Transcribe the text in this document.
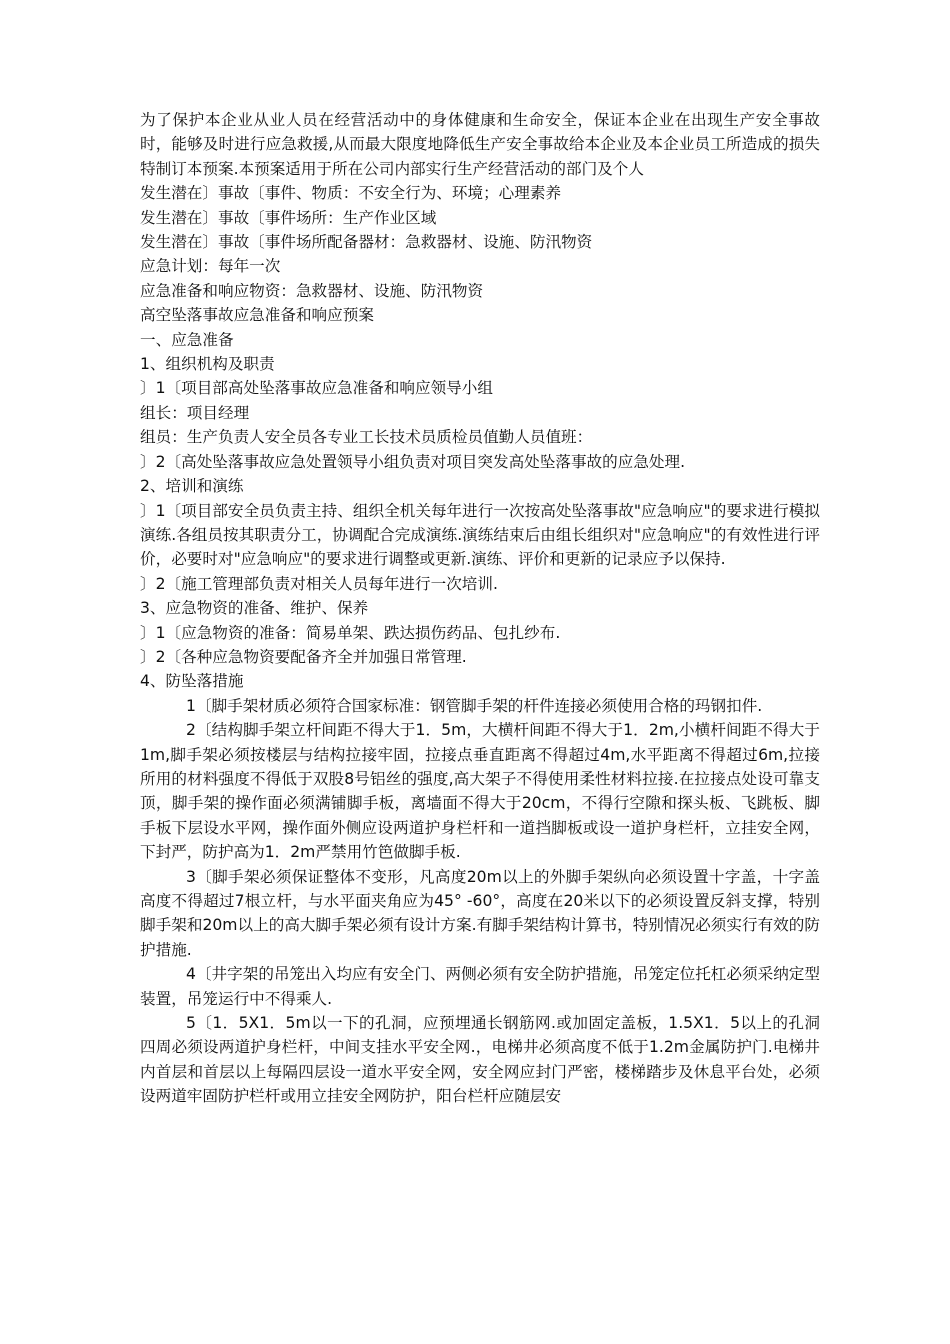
为了保护本企业从业人员在经营活动中的身体健康和生命安全，保证本企业在出现生产安全事故时，能够及时进行应急救援,从而最大限度地降低生产安全事故给本企业及本企业员工所造成的损失特制订本预案.本预案适用于所在公司内部实行生产经营活动的部门及个人

发生潜在〕事故〔事件、物质：不安全行为、环境；心理素养

发生潜在〕事故〔事件场所：生产作业区域

发生潜在〕事故〔事件场所配备器材：急救器材、设施、防汛物资

应急计划：每年一次

应急准备和响应物资：急救器材、设施、防汛物资

高空坠落事故应急准备和响应预案

一、应急准备

1、组织机构及职责

〕1〔项目部高处坠落事故应急准备和响应领导小组

组长：项目经理

组员：生产负责人安全员各专业工长技术员质检员值勤人员值班：

〕2〔高处坠落事故应急处置领导小组负责对项目突发高处坠落事故的应急处理.

2、培训和演练

〕1〔项目部安全员负责主持、组织全机关每年进行一次按高处坠落事故"应急响应"的要求进行模拟演练.各组员按其职责分工，协调配合完成演练.演练结束后由组长组织对"应急响应"的有效性进行评价，必要时对"应急响应"的要求进行调整或更新.演练、评价和更新的记录应予以保持.

〕2〔施工管理部负责对相关人员每年进行一次培训.

3、应急物资的准备、维护、保养

〕1〔应急物资的准备：简易单架、跌达损伤药品、包扎纱布.

〕2〔各种应急物资要配备齐全并加强日常管理.

4、防坠落措施

1〔脚手架材质必须符合国家标准：钢管脚手架的杆件连接必须使用合格的玛钢扣件.

2〔结构脚手架立杆间距不得大于1．5m，大横杆间距不得大于1．2m,小横杆间距不得大于1m,脚手架必须按楼层与结构拉接牢固，拉接点垂直距离不得超过4m,水平距离不得超过6m,拉接所用的材料强度不得低于双股8号铝丝的强度,高大架子不得使用柔性材料拉接.在拉接点处设可靠支顶，脚手架的操作面必须满铺脚手板，离墙面不得大于20cm，不得行空隙和探头板、飞跳板、脚手板下层设水平网，操作面外侧应设两道护身栏杆和一道挡脚板或设一道护身栏杆，立挂安全网，下封严，防护高为1．2m严禁用竹笆做脚手板.

3〔脚手架必须保证整体不变形，凡高度20m以上的外脚手架纵向必须设置十字盖，十字盖高度不得超过7根立杆，与水平面夹角应为45° -60°，高度在20米以下的必须设置反斜支撑，特别脚手架和20m以上的高大脚手架必须有设计方案.有脚手架结构计算书，特别情况必须实行有效的防护措施.

4〔井字架的吊笼出入均应有安全门、两侧必须有安全防护措施，吊笼定位托杠必须采纳定型装置，吊笼运行中不得乘人.

5〔1．5X1．5m以一下的孔洞，应预埋通长钢筋网.或加固定盖板，1.5X1．5以上的孔洞四周必须设两道护身栏杆，中间支挂水平安全网.，电梯井必须高度不低于1.2m金属防护门.电梯井内首层和首层以上每隔四层设一道水平安全网，安全网应封门严密，楼梯踏步及休息平台处，必须设两道牢固防护栏杆或用立挂安全网防护，阳台栏杆应随层安
